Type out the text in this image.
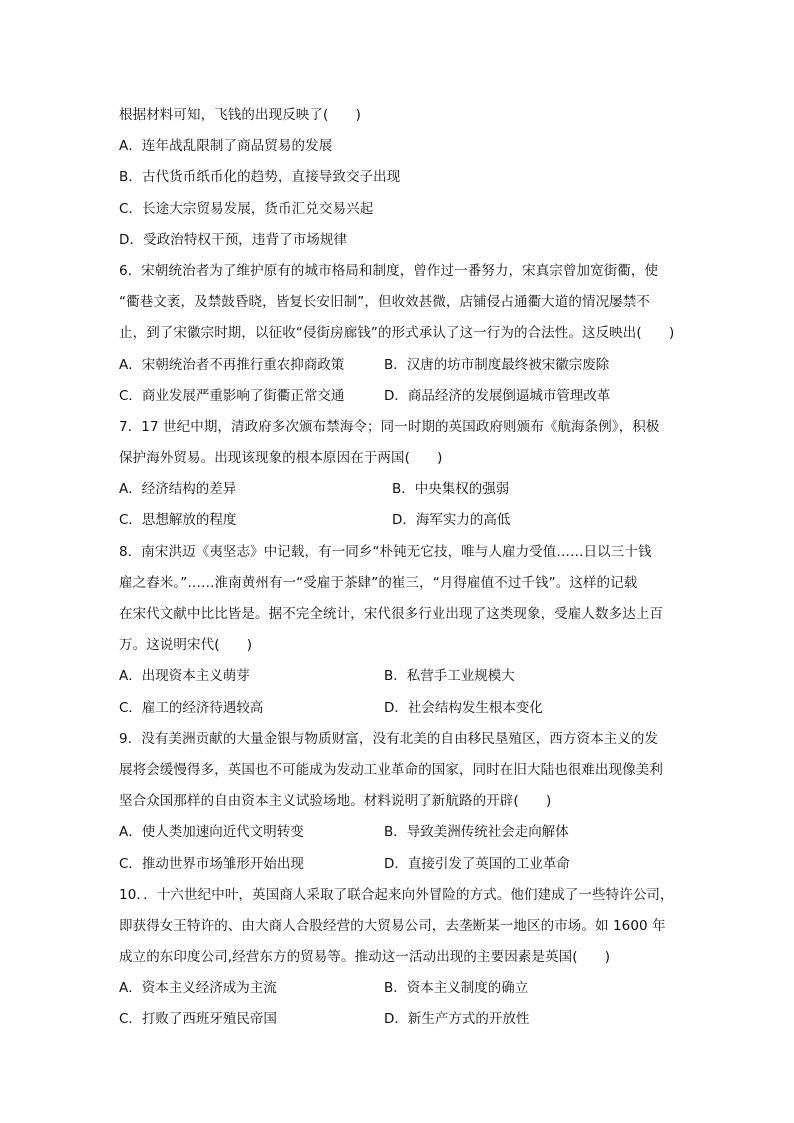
根据材料可知，飞钱的出现反映了(　　)
A．连年战乱限制了商品贸易的发展
B．古代货币纸币化的趋势，直接导致交子出现
C．长途大宗贸易发展，货币汇兑交易兴起
D．受政治特权干预，违背了市场规律
6．宋朝统治者为了维护原有的城市格局和制度，曾作过一番努力，宋真宗曾加宽街衢，使
“衢巷文袤，及禁鼓昏晓，皆复长安旧制”，但收效甚微，店铺侵占通衢大道的情况屡禁不
止，到了宋徽宗时期，以征收“侵街房廊钱”的形式承认了这一行为的合法性。这反映出(　　)
A．宋朝统治者不再推行重农抑商政策	B．汉唐的坊市制度最终被宋徽宗废除
C．商业发展严重影响了街衢正常交通	D．商品经济的发展倒逼城市管理改革
7．17 世纪中期，清政府多次颁布禁海令；同一时期的英国政府则颁布《航海条例》，积极
保护海外贸易。出现该现象的根本原因在于两国(　　)
A．经济结构的差异	B．中央集权的强弱
C．思想解放的程度	D．海军实力的高低
8．南宋洪迈《夷坚志》中记载，有一同乡“朴钝无它技，唯与人雇力受值……日以三十钱
雇之舂米。”……淮南黄州有一“受雇于茶肆”的崔三，“月得雇值不过千钱”。这样的记载
在宋代文献中比比皆是。据不完全统计，宋代很多行业出现了这类现象，受雇人数多达上百
万。这说明宋代(　　)
A．出现资本主义萌芽	B．私营手工业规模大
C．雇工的经济待遇较高	D．社会结构发生根本变化
9．没有美洲贡献的大量金银与物质财富，没有北美的自由移民垦殖区，西方资本主义的发
展将会缓慢得多，英国也不可能成为发动工业革命的国家，同时在旧大陆也很难出现像美利
坚合众国那样的自由资本主义试验场地。材料说明了新航路的开辟(　　)
A．使人类加速向近代文明转变	B．导致美洲传统社会走向解体
C．推动世界市场雏形开始出现	D．直接引发了英国的工业革命
10．．十六世纪中叶，英国商人采取了联合起来向外冒险的方式。他们建成了一些特许公司，
即获得女王特许的、由大商人合股经营的大贸易公司，去垄断某一地区的市场。如 1600 年
成立的东印度公司,经营东方的贸易等。推动这一活动出现的主要因素是英国(　　)
A．资本主义经济成为主流	B．资本主义制度的确立
C．打败了西班牙殖民帝国	D．新生产方式的开放性
